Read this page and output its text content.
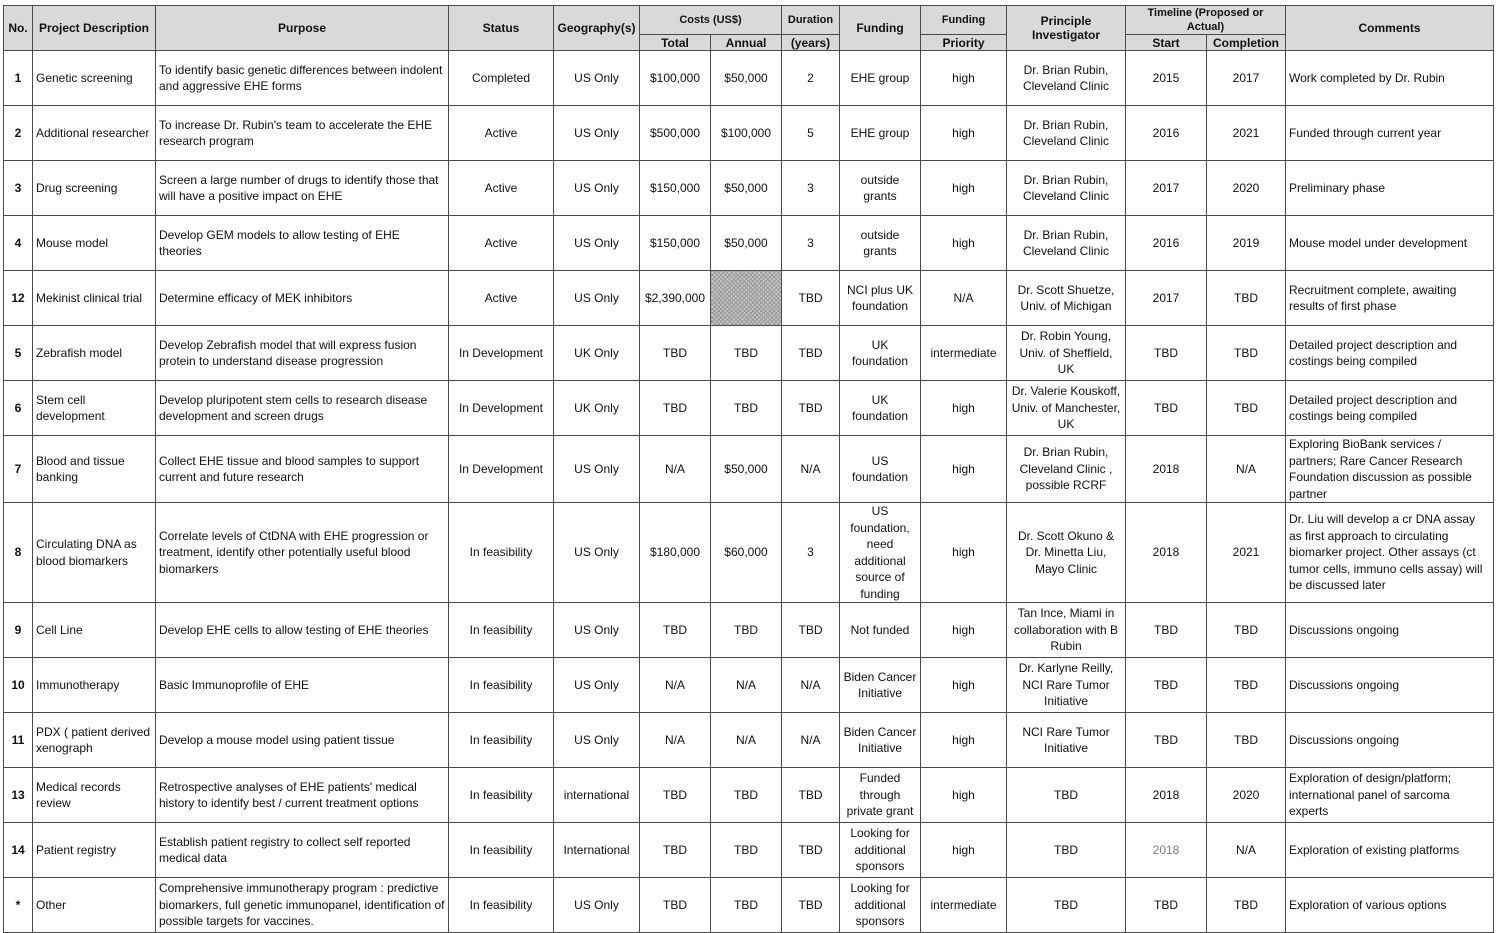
No.	Project Description	Purpose	Status	Geography(s)	Costs (US$)		Duration	Funding	Funding	Principle Investigator	Timeline (Proposed or Actual)		Comments
					Total	Annual	(years)		Priority		Start	Completion	
1	Genetic screening	To identify basic genetic differences between indolent and aggressive EHE forms	Completed	US Only	$100,000	$50,000	2	EHE group	high	Dr. Brian Rubin, Cleveland Clinic	2015	2017	Work completed by Dr. Rubin
2	Additional researcher	To increase Dr. Rubin's team to accelerate the EHE research program	Active	US Only	$500,000	$100,000	5	EHE group	high	Dr. Brian Rubin, Cleveland Clinic	2016	2021	Funded through current year
3	Drug screening	Screen a large number of drugs to identify those that will have a positive impact on EHE	Active	US Only	$150,000	$50,000	3	outside grants	high	Dr. Brian Rubin, Cleveland Clinic	2017	2020	Preliminary phase
4	Mouse model	Develop GEM models to allow testing of EHE theories	Active	US Only	$150,000	$50,000	3	outside grants	high	Dr. Brian Rubin, Cleveland Clinic	2016	2019	Mouse model under development
12	Mekinist clinical trial	Determine efficacy of MEK inhibitors	Active	US Only	$2,390,000		TBD	NCI plus UK foundation	N/A	Dr. Scott Shuetze, Univ. of Michigan	2017	TBD	Recruitment complete, awaiting results of first phase
5	Zebrafish model	Develop Zebrafish model that will express fusion protein to understand disease progression	In Development	UK Only	TBD	TBD	TBD	UK foundation	intermediate	Dr. Robin Young, Univ. of Sheffield, UK	TBD	TBD	Detailed project description and costings being compiled
6	Stem cell development	Develop pluripotent stem cells to research disease development and screen drugs	In Development	UK Only	TBD	TBD	TBD	UK foundation	high	Dr. Valerie Kouskoff, Univ. of Manchester, UK	TBD	TBD	Detailed project description and costings being compiled
7	Blood and tissue banking	Collect EHE tissue and blood samples to support current and future research	In Development	US Only	N/A	$50,000	N/A	US foundation	high	Dr. Brian Rubin, Cleveland Clinic , possible RCRF	2018	N/A	Exploring BioBank services / partners; Rare Cancer Research Foundation discussion as possible partner
8	Circulating DNA as blood biomarkers	Correlate levels of CtDNA with EHE progression or treatment, identify other potentially useful blood biomarkers	In feasibility	US Only	$180,000	$60,000	3	US foundation, need additional source of funding	high	Dr. Scott Okuno & Dr. Minetta Liu, Mayo Clinic	2018	2021	Dr. Liu will develop a cr DNA assay as first approach to circulating biomarker project. Other assays (ct tumor cells, immuno cells assay) will be discussed later
9	Cell Line	Develop EHE cells to allow testing of EHE theories	In feasibility	US Only	TBD	TBD	TBD	Not funded	high	Tan Ince, Miami in collaboration with B Rubin	TBD	TBD	Discussions ongoing
10	Immunotherapy	Basic Immunoprofile of EHE	In feasibility	US Only	N/A	N/A	N/A	Biden Cancer Initiative	high	Dr. Karlyne Reilly, NCI Rare Tumor Initiative	TBD	TBD	Discussions ongoing
11	PDX ( patient derived xenograph	Develop a mouse model using patient tissue	In feasibility	US Only	N/A	N/A	N/A	Biden Cancer Initiative	high	NCI Rare Tumor Initiative	TBD	TBD	Discussions ongoing
13	Medical records review	Retrospective analyses of EHE patients' medical history to identify best / current treatment options	In feasibility	international	TBD	TBD	TBD	Funded through private grant	high	TBD	2018	2020	Exploration of design/platform; international panel of sarcoma experts
14	Patient registry	Establish patient registry to collect self reported medical data	In feasibility	International	TBD	TBD	TBD	Looking for additional sponsors	high	TBD	2018	N/A	Exploration of existing platforms
*	Other	Comprehensive immunotherapy program : predictive biomarkers, full genetic immunopanel, identification of possible targets for vaccines.	In feasibility	US Only	TBD	TBD	TBD	Looking for additional sponsors	intermediate	TBD	TBD	TBD	Exploration of various options
